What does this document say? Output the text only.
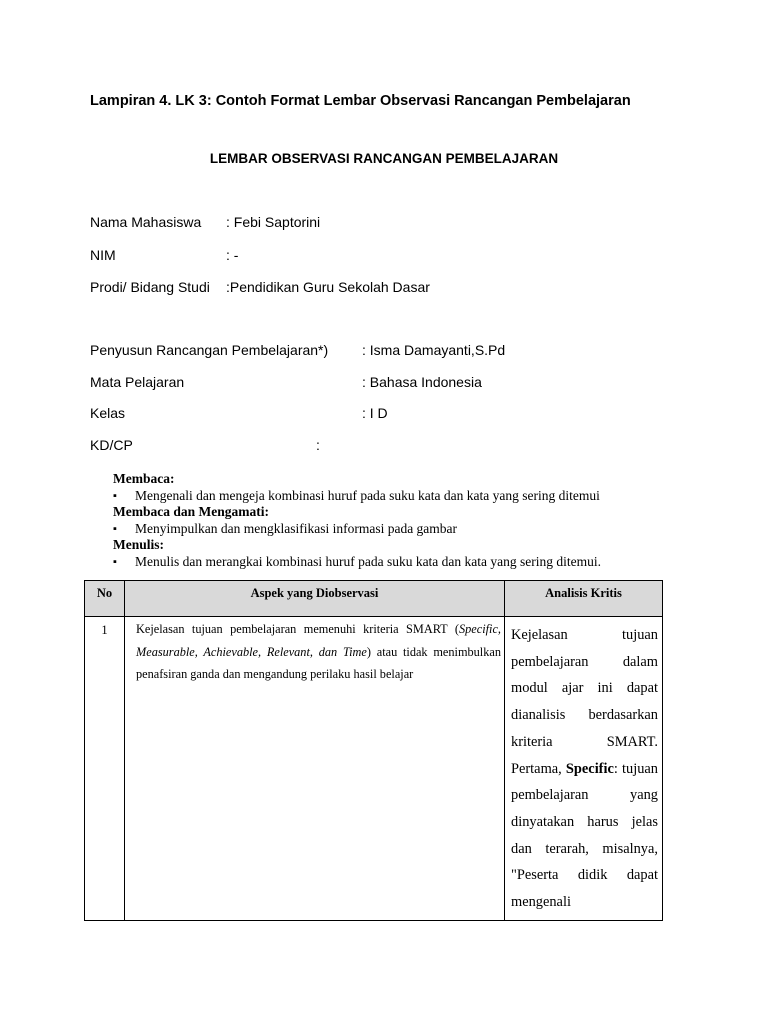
Lampiran 4. LK 3: Contoh Format Lembar Observasi Rancangan Pembelajaran
LEMBAR OBSERVASI RANCANGAN PEMBELAJARAN
Nama Mahasiswa : Febi Saptorini
NIM	: -
Prodi/ Bidang Studi :Pendidikan Guru Sekolah Dasar
Penyusun Rancangan Pembelajaran*) : Isma Damayanti,S.Pd
Mata Pelajaran	: Bahasa Indonesia
Kelas	: I D
KD/CP	:
Membaca:
▪ Mengenali dan mengeja kombinasi huruf pada suku kata dan kata yang sering ditemui
Membaca dan Mengamati:
▪ Menyimpulkan dan mengklasifikasi informasi pada gambar
Menulis:
▪ Menulis dan merangkai kombinasi huruf pada suku kata dan kata yang sering ditemui.
No	Aspek yang Diobservasi	Analisis Kritis
1	Kejelasan tujuan pembelajaran memenuhi kriteria SMART (Specific, Measurable, Achievable, Relevant, dan Time) atau tidak menimbulkan penafsiran ganda dan mengandung perilaku hasil belajar	Kejelasan tujuan pembelajaran dalam modul ajar ini dapat dianalisis berdasarkan kriteria SMART. Pertama, Specific: tujuan pembelajaran yang dinyatakan harus jelas dan terarah, misalnya, "Peserta didik dapat mengenali
